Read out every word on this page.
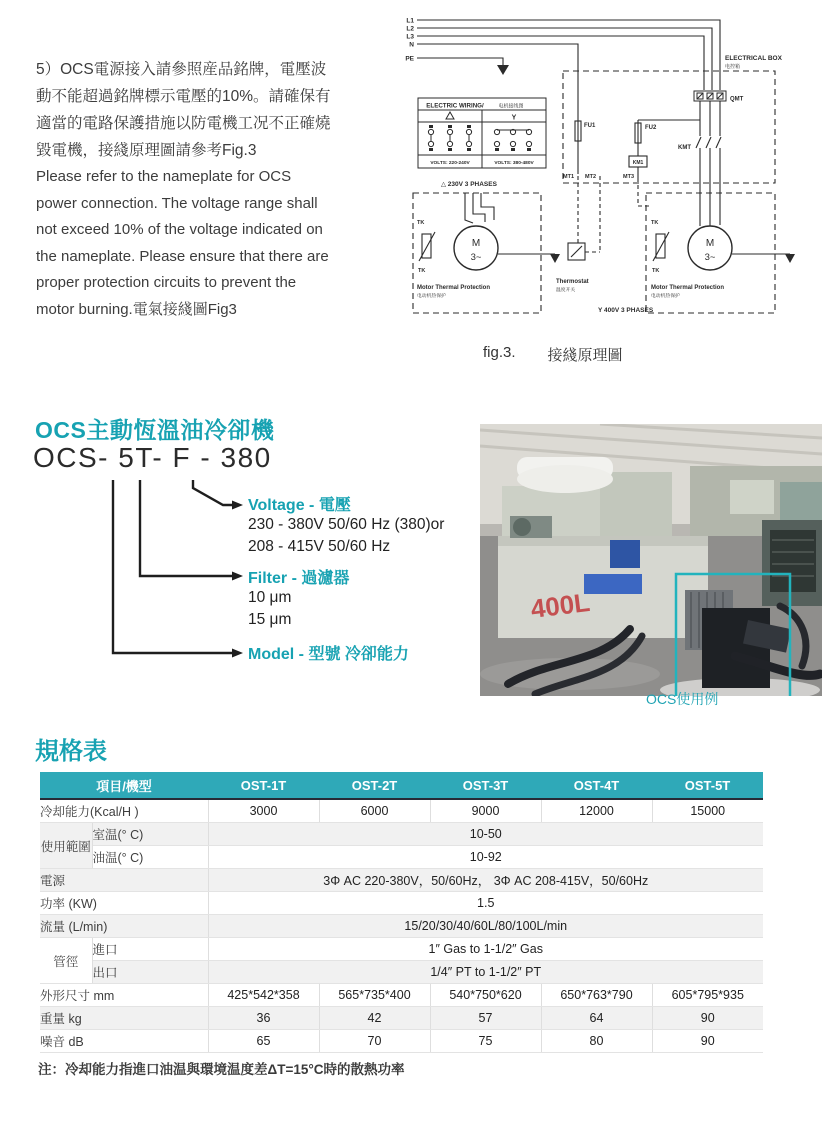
5）OCS電源接入請參照産品銘牌，電壓波
動不能超過銘牌標示電壓的10%。請確保有
適當的電路保護措施以防電機工况不正確燒
毀電機，接綫原理圖請參考Fig.3
Please refer to the nameplate for OCS
power connection. The voltage range shall
not exceed 10% of the voltage indicated on
the nameplate. Please ensure that there are
proper protection circuits to prevent the
motor burning.電氣接綫圖Fig3
L1
L2
L3
N
PE
ELECTRIC WIRING/	电机接线图
Y
VOLTS: 220-240V	VOLTS: 380-480V
△ 230V 3 PHASES
ELECTRICAL BOX
电控箱
QMT
KMT
FU1	FU2
KM1
MT1 MT2	MT3
M
3~
TK
TK
Motor Thermal Protection
电动机热保护
Thermostat
温度开关
M
3~
TK
TK
Motor Thermal Protection
电动机热保护
Y 400V 3 PHASES
fig.3. 接綫原理圖
OCS主動恆溫油冷卻機
OCS- 5T- F - 380
Voltage - 電壓
230 - 380V 50/60 Hz (380)or
208 - 415V 50/60 Hz
Filter - 過濾器
10 μm
15 μm
Model - 型號 冷卻能力
400L
OCS使用例
規格表
項目/機型		OST-1T	OST-2T	OST-3T	OST-4T	OST-5T
冷却能力(Kcal/H )		3000	6000	9000	12000	15000
使用範圍	室温(° C)	10-50				
	油温(° C)	10-92				
電源		3Φ AC 220-380V，50/60Hz， 3Φ AC 208-415V，50/60Hz				
功率 (KW)		1.5				
流量 (L/min)		15/20/30/40/60L/80/100L/min				
管徑	進口	1″ Gas to 1-1/2″ Gas				
	出口	1/4″ PT to 1-1/2″ PT				
外形尺寸 mm		425*542*358	565*735*400	540*750*620	650*763*790	605*795*935
重量 kg		36	42	57	64	90
噪音 dB		65	70	75	80	90
注：冷却能力指進口油温與環境温度差ΔT=15°C時的散熱功率
